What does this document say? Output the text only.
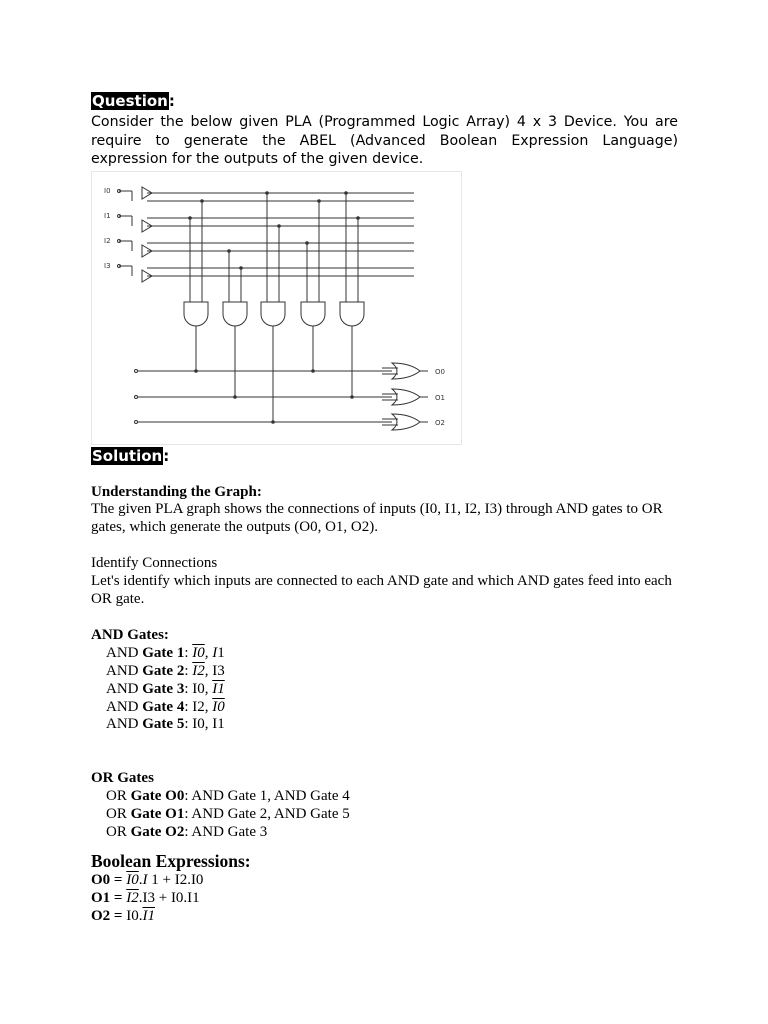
Question:

Consider the below given PLA (Programmed Logic Array) 4 x 3 Device. You are require to generate the ABEL (Advanced Boolean Expression Language) expression for the outputs of the given device.

I0
I1
I2
I3
O0
O1
O2
Solution:
Understanding the Graph:
The given PLA graph shows the connections of inputs (I0, I1, I2, I3) through AND gates to OR gates, which generate the outputs (O0, O1, O2).
Identify Connections
Let's identify which inputs are connected to each AND gate and which AND gates feed into each OR gate.
AND Gates:
AND Gate 1: I0, I1
AND Gate 2: I2, I3
AND Gate 3: I0, I1
AND Gate 4: I2, I0
AND Gate 5: I0, I1
OR Gates
OR Gate O0: AND Gate 1, AND Gate 4
OR Gate O1: AND Gate 2, AND Gate 5
OR Gate O2: AND Gate 3
Boolean Expressions:
O0 = I0.I 1 + I2.I0
O1 = I2.I3 + I0.I1
O2 = I0.I1
